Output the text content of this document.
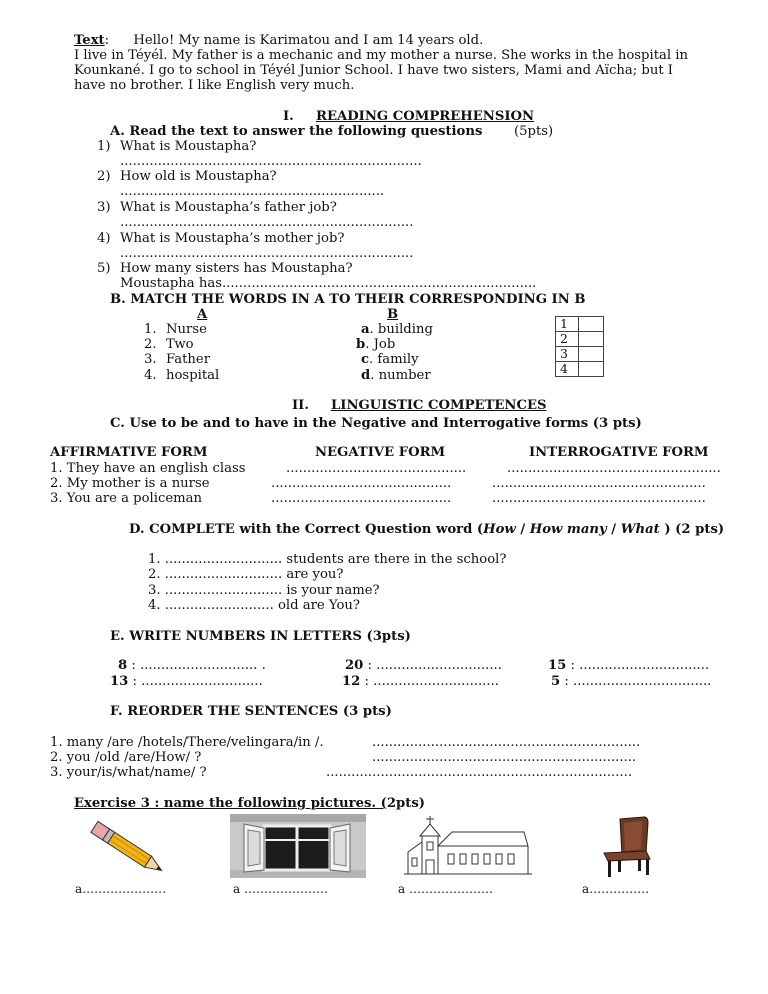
Text: Hello! My name is Karimatou and I am 14 years old.
I live in Téyél. My father is a mechanic and my mother a nurse. She works in the hospital in
Kounkané. I go to school in Téyél Junior School. I have two sisters, Mami and Aïcha; but I
have no brother. I like English very much.
I. READING COMPREHENSION
A. Read the text to answer the following questions (5pts)
1) What is Moustapha?
........................................................................
2) How old is Moustapha?
...............................................................
3) What is Moustapha’s father job?
......................................................................
4) What is Moustapha’s mother job?
......................................................................
5) How many sisters has Moustapha?
Moustapha has...........................................................................
B. MATCH THE WORDS IN A TO THEIR CORRESPONDING IN B
A	B
1. Nurse
2. Two
3. Father
4. hospital
a. building
b. Job
c. family
d. number
1	
2	
3	
4	
II. LINGUISTIC COMPETENCES
C. Use to be and to have in the Negative and Interrogative forms (3 pts)
AFFIRMATIVE FORM	NEGATIVE FORM	INTERROGATIVE FORM
1. They have an english class	...........................................	...................................................
2. My mother is a nurse	...........................................	...................................................
3. You are a policeman	...........................................	...................................................
D. COMPLETE with the Correct Question word (How / How many / What ) (2 pts)
1. ............................ students are there in the school?
2. ............................ are you?
3. ............................ is your name?
4. .......................... old are You?
E. WRITE NUMBERS IN LETTERS (3pts)
8 : ............................ .	20 : ..............................	15 : ...............................
13 : .............................	12 : ..............................	5 : .................................
F. REORDER THE SENTENCES (3 pts)
1. many /are /hotels/There/velingara/in /.	................................................................
2. you /old /are/How/ ?	...............................................................
3. your/is/what/name/ ?	.........................................................................
Exercise 3 : name the following pictures. (2pts)
a…………………	a …………………	a …………………	a……………
